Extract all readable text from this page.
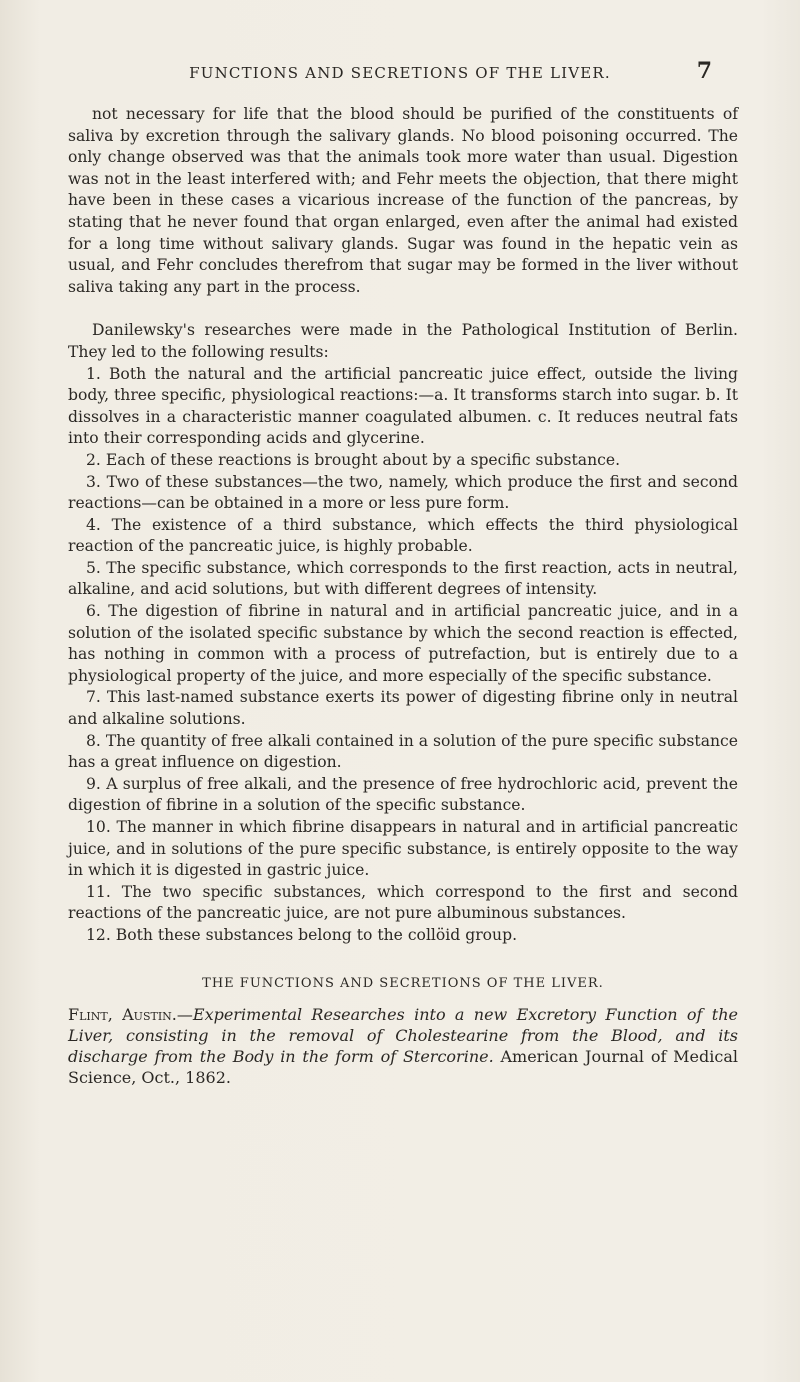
FUNCTIONS AND SECRETIONS OF THE LIVER.	7

not necessary for life that the blood should be purified of the constituents of saliva by excretion through the salivary glands. No blood poisoning occurred. The only change observed was that the animals took more water than usual. Digestion was not in the least interfered with; and Fehr meets the objection, that there might have been in these cases a vicarious increase of the function of the pancreas, by stating that he never found that organ enlarged, even after the animal had existed for a long time without salivary glands. Sugar was found in the hepatic vein as usual, and Fehr concludes therefrom that sugar may be formed in the liver without saliva taking any part in the process.

Danilewsky's researches were made in the Pathological Institution of Berlin. They led to the following results:

1. Both the natural and the artificial pancreatic juice effect, outside the living body, three specific, physiological reactions:—a. It transforms starch into sugar. b. It dissolves in a characteristic manner coagulated albumen. c. It reduces neutral fats into their corresponding acids and glycerine.

2. Each of these reactions is brought about by a specific substance.

3. Two of these substances—the two, namely, which produce the first and second reactions—can be obtained in a more or less pure form.

4. The existence of a third substance, which effects the third physiological reaction of the pancreatic juice, is highly probable.

5. The specific substance, which corresponds to the first reaction, acts in neutral, alkaline, and acid solutions, but with different degrees of intensity.

6. The digestion of fibrine in natural and in artificial pancreatic juice, and in a solution of the isolated specific substance by which the second reaction is effected, has nothing in common with a process of putrefaction, but is entirely due to a physiological property of the juice, and more especially of the specific substance.

7. This last-named substance exerts its power of digesting fibrine only in neutral and alkaline solutions.

8. The quantity of free alkali contained in a solution of the pure specific substance has a great influence on digestion.

9. A surplus of free alkali, and the presence of free hydrochloric acid, prevent the digestion of fibrine in a solution of the specific substance.

10. The manner in which fibrine disappears in natural and in artificial pancreatic juice, and in solutions of the pure specific substance, is entirely opposite to the way in which it is digested in gastric juice.

11. The two specific substances, which correspond to the first and second reactions of the pancreatic juice, are not pure albuminous substances.

12. Both these substances belong to the collöid group.

THE FUNCTIONS AND SECRETIONS OF THE LIVER.

Flint, Austin.—Experimental Researches into a new Excretory Function of the Liver, consisting in the removal of Cholestearine from the Blood, and its discharge from the Body in the form of Stercorine. American Journal of Medical Science, Oct., 1862.
